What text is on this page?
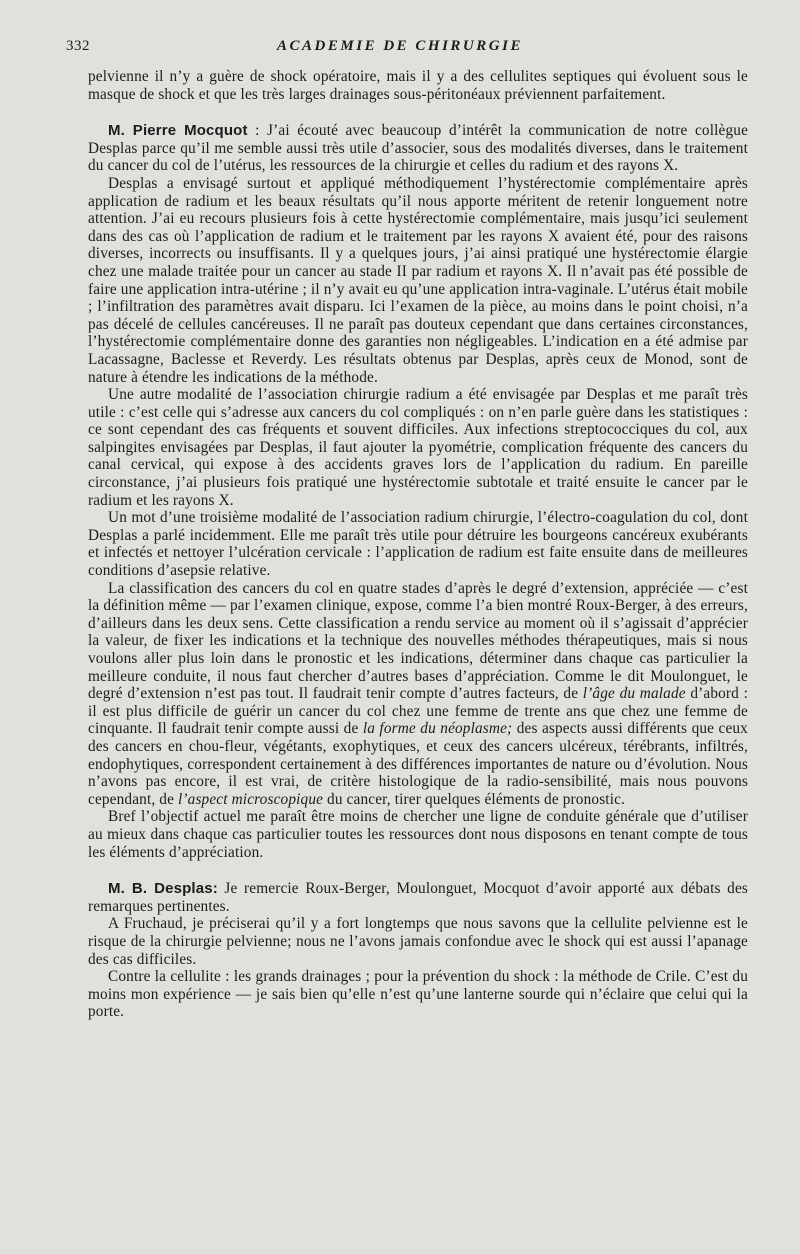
332	ACADEMIE DE CHIRURGIE

pelvienne il n’y a guère de shock opératoire, mais il y a des cellulites septiques qui évoluent sous le masque de shock et que les très larges drainages sous-péritonéaux préviennent parfaitement.

M. Pierre Mocquot : J’ai écouté avec beaucoup d’intérêt la communication de notre collègue Desplas parce qu’il me semble aussi très utile d’associer, sous des modalités diverses, dans le traitement du cancer du col de l’utérus, les ressources de la chirurgie et celles du radium et des rayons X.

Desplas a envisagé surtout et appliqué méthodiquement l’hystérectomie complémentaire après application de radium et les beaux résultats qu’il nous apporte méritent de retenir longuement notre attention. J’ai eu recours plusieurs fois à cette hystérectomie complémentaire, mais jusqu’ici seulement dans des cas où l’application de radium et le traitement par les rayons X avaient été, pour des raisons diverses, incorrects ou insuffisants. Il y a quelques jours, j’ai ainsi pratiqué une hystérectomie élargie chez une malade traitée pour un cancer au stade II par radium et rayons X. Il n’avait pas été possible de faire une application intra-utérine ; il n’y avait eu qu’une application intra-vaginale. L’utérus était mobile ; l’infiltration des paramètres avait disparu. Ici l’examen de la pièce, au moins dans le point choisi, n’a pas décelé de cellules cancéreuses. Il ne paraît pas douteux cependant que dans certaines circonstances, l’hystérectomie complémentaire donne des garanties non négligeables. L’indication en a été admise par Lacassagne, Baclesse et Reverdy. Les résultats obtenus par Desplas, après ceux de Monod, sont de nature à étendre les indications de la méthode.

Une autre modalité de l’association chirurgie radium a été envisagée par Desplas et me paraît très utile : c’est celle qui s’adresse aux cancers du col compliqués : on n’en parle guère dans les statistiques : ce sont cependant des cas fréquents et souvent difficiles. Aux infections streptococciques du col, aux salpingites envisagées par Desplas, il faut ajouter la pyométrie, complication fréquente des cancers du canal cervical, qui expose à des accidents graves lors de l’application du radium. En pareille circonstance, j’ai plusieurs fois pratiqué une hystérectomie subtotale et traité ensuite le cancer par le radium et les rayons X.

Un mot d’une troisième modalité de l’association radium chirurgie, l’électro-coagulation du col, dont Desplas a parlé incidemment. Elle me paraît très utile pour détruire les bourgeons cancéreux exubérants et infectés et nettoyer l’ulcération cervicale : l’application de radium est faite ensuite dans de meilleures conditions d’asepsie relative.

La classification des cancers du col en quatre stades d’après le degré d’extension, appréciée — c’est la définition même — par l’examen clinique, expose, comme l’a bien montré Roux-Berger, à des erreurs, d’ailleurs dans les deux sens. Cette classification a rendu service au moment où il s’agissait d’apprécier la valeur, de fixer les indications et la technique des nouvelles méthodes thérapeutiques, mais si nous voulons aller plus loin dans le pronostic et les indications, déterminer dans chaque cas particulier la meilleure conduite, il nous faut chercher d’autres bases d’appréciation. Comme le dit Moulonguet, le degré d’extension n’est pas tout. Il faudrait tenir compte d’autres facteurs, de l’âge du malade d’abord : il est plus difficile de guérir un cancer du col chez une femme de trente ans que chez une femme de cinquante. Il faudrait tenir compte aussi de la forme du néoplasme; des aspects aussi différents que ceux des cancers en chou-fleur, végétants, exophytiques, et ceux des cancers ulcéreux, térébrants, infiltrés, endophytiques, correspondent certainement à des différences importantes de nature ou d’évolution. Nous n’avons pas encore, il est vrai, de critère histologique de la radio-sensibilité, mais nous pouvons cependant, de l’aspect microscopique du cancer, tirer quelques éléments de pronostic.

Bref l’objectif actuel me paraît être moins de chercher une ligne de conduite générale que d’utiliser au mieux dans chaque cas particulier toutes les ressources dont nous disposons en tenant compte de tous les éléments d’appréciation.

M. B. Desplas: Je remercie Roux-Berger, Moulonguet, Mocquot d’avoir apporté aux débats des remarques pertinentes.

A Fruchaud, je préciserai qu’il y a fort longtemps que nous savons que la cellulite pelvienne est le risque de la chirurgie pelvienne; nous ne l’avons jamais confondue avec le shock qui est aussi l’apanage des cas difficiles.

Contre la cellulite : les grands drainages ; pour la prévention du shock : la méthode de Crile. C’est du moins mon expérience — je sais bien qu’elle n’est qu’une lanterne sourde qui n’éclaire que celui qui la porte.
